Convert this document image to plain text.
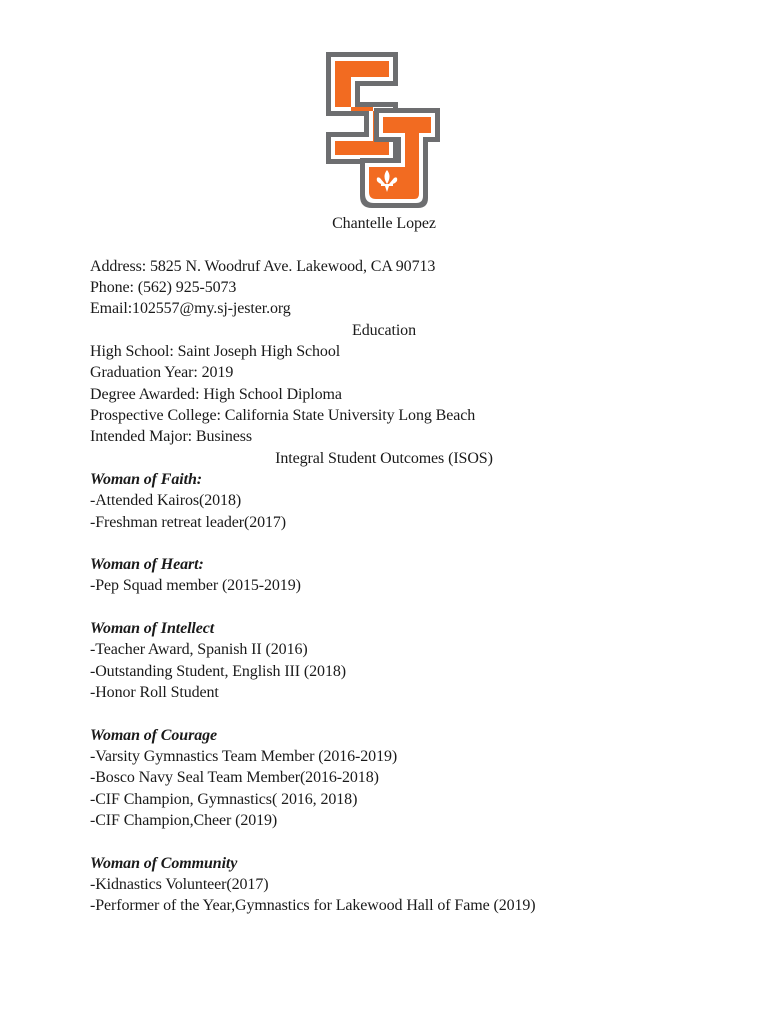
Chantelle Lopez
Address: 5825 N. Woodruf Ave. Lakewood, CA 90713
Phone: (562) 925-5073
Email:102557@my.sj-jester.org
Education
High School: Saint Joseph High School
Graduation Year: 2019
Degree Awarded: High School Diploma
Prospective College: California State University Long Beach
Intended Major: Business
Integral Student Outcomes (ISOS)
Woman of Faith:
-Attended Kairos(2018)
-Freshman retreat leader(2017)
Woman of Heart:
-Pep Squad member (2015-2019)
Woman of Intellect
-Teacher Award, Spanish II (2016)
-Outstanding Student, English III (2018)
-Honor Roll Student
Woman of Courage
-Varsity Gymnastics Team Member (2016-2019)
-Bosco Navy Seal Team Member(2016-2018)
-CIF Champion, Gymnastics( 2016, 2018)
-CIF Champion,Cheer (2019)
Woman of Community
-Kidnastics Volunteer(2017)
-Performer of the Year,Gymnastics for Lakewood Hall of Fame (2019)
